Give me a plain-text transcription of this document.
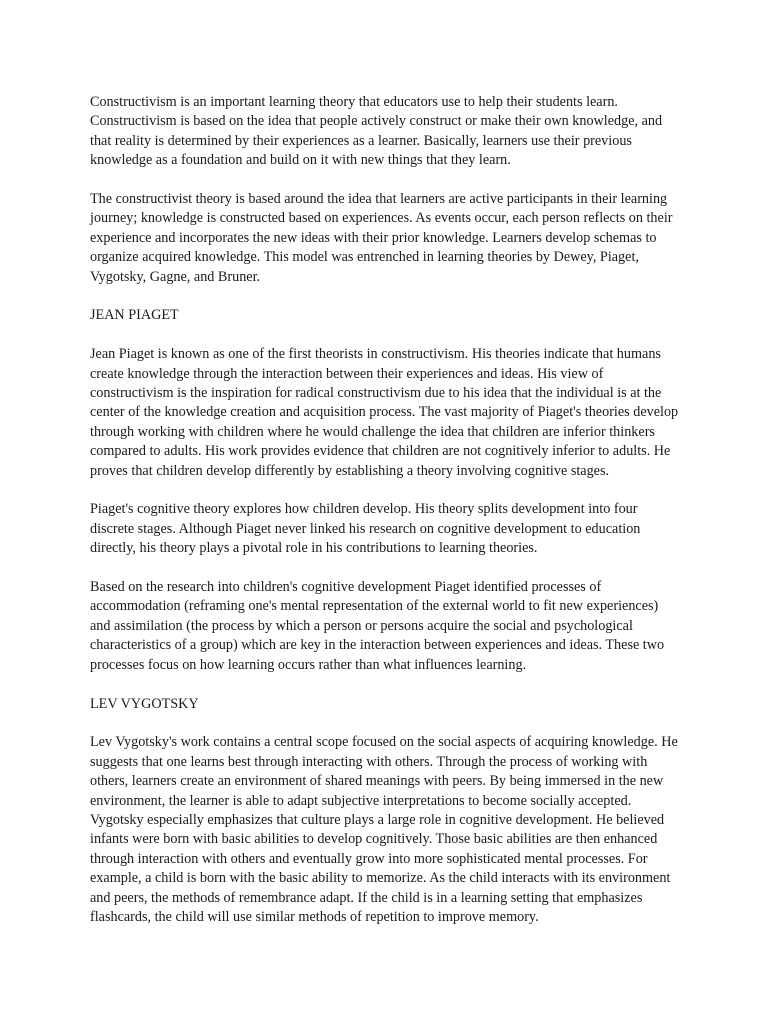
Constructivism is an important learning theory that educators use to help their students learn. Constructivism is based on the idea that people actively construct or make their own knowledge, and that reality is determined by their experiences as a learner. Basically, learners use their previous knowledge as a foundation and build on it with new things that they learn.

The constructivist theory is based around the idea that learners are active participants in their learning journey; knowledge is constructed based on experiences. As events occur, each person reflects on their experience and incorporates the new ideas with their prior knowledge. Learners develop schemas to organize acquired knowledge. This model was entrenched in learning theories by Dewey, Piaget, Vygotsky, Gagne, and Bruner.

JEAN PIAGET

Jean Piaget is known as one of the first theorists in constructivism. His theories indicate that humans create knowledge through the interaction between their experiences and ideas. His view of constructivism is the inspiration for radical constructivism due to his idea that the individual is at the center of the knowledge creation and acquisition process. The vast majority of Piaget's theories develop through working with children where he would challenge the idea that children are inferior thinkers compared to adults. His work provides evidence that children are not cognitively inferior to adults. He proves that children develop differently by establishing a theory involving cognitive stages.

Piaget's cognitive theory explores how children develop. His theory splits development into four discrete stages. Although Piaget never linked his research on cognitive development to education directly, his theory plays a pivotal role in his contributions to learning theories.

Based on the research into children's cognitive development Piaget identified processes of accommodation (reframing one's mental representation of the external world to fit new experiences) and assimilation (the process by which a person or persons acquire the social and psychological characteristics of a group) which are key in the interaction between experiences and ideas. These two processes focus on how learning occurs rather than what influences learning.

LEV VYGOTSKY

Lev Vygotsky's work contains a central scope focused on the social aspects of acquiring knowledge. He suggests that one learns best through interacting with others. Through the process of working with others, learners create an environment of shared meanings with peers. By being immersed in the new environment, the learner is able to adapt subjective interpretations to become socially accepted. Vygotsky especially emphasizes that culture plays a large role in cognitive development. He believed infants were born with basic abilities to develop cognitively. Those basic abilities are then enhanced through interaction with others and eventually grow into more sophisticated mental processes. For example, a child is born with the basic ability to memorize. As the child interacts with its environment and peers, the methods of remembrance adapt. If the child is in a learning setting that emphasizes flashcards, the child will use similar methods of repetition to improve memory.
